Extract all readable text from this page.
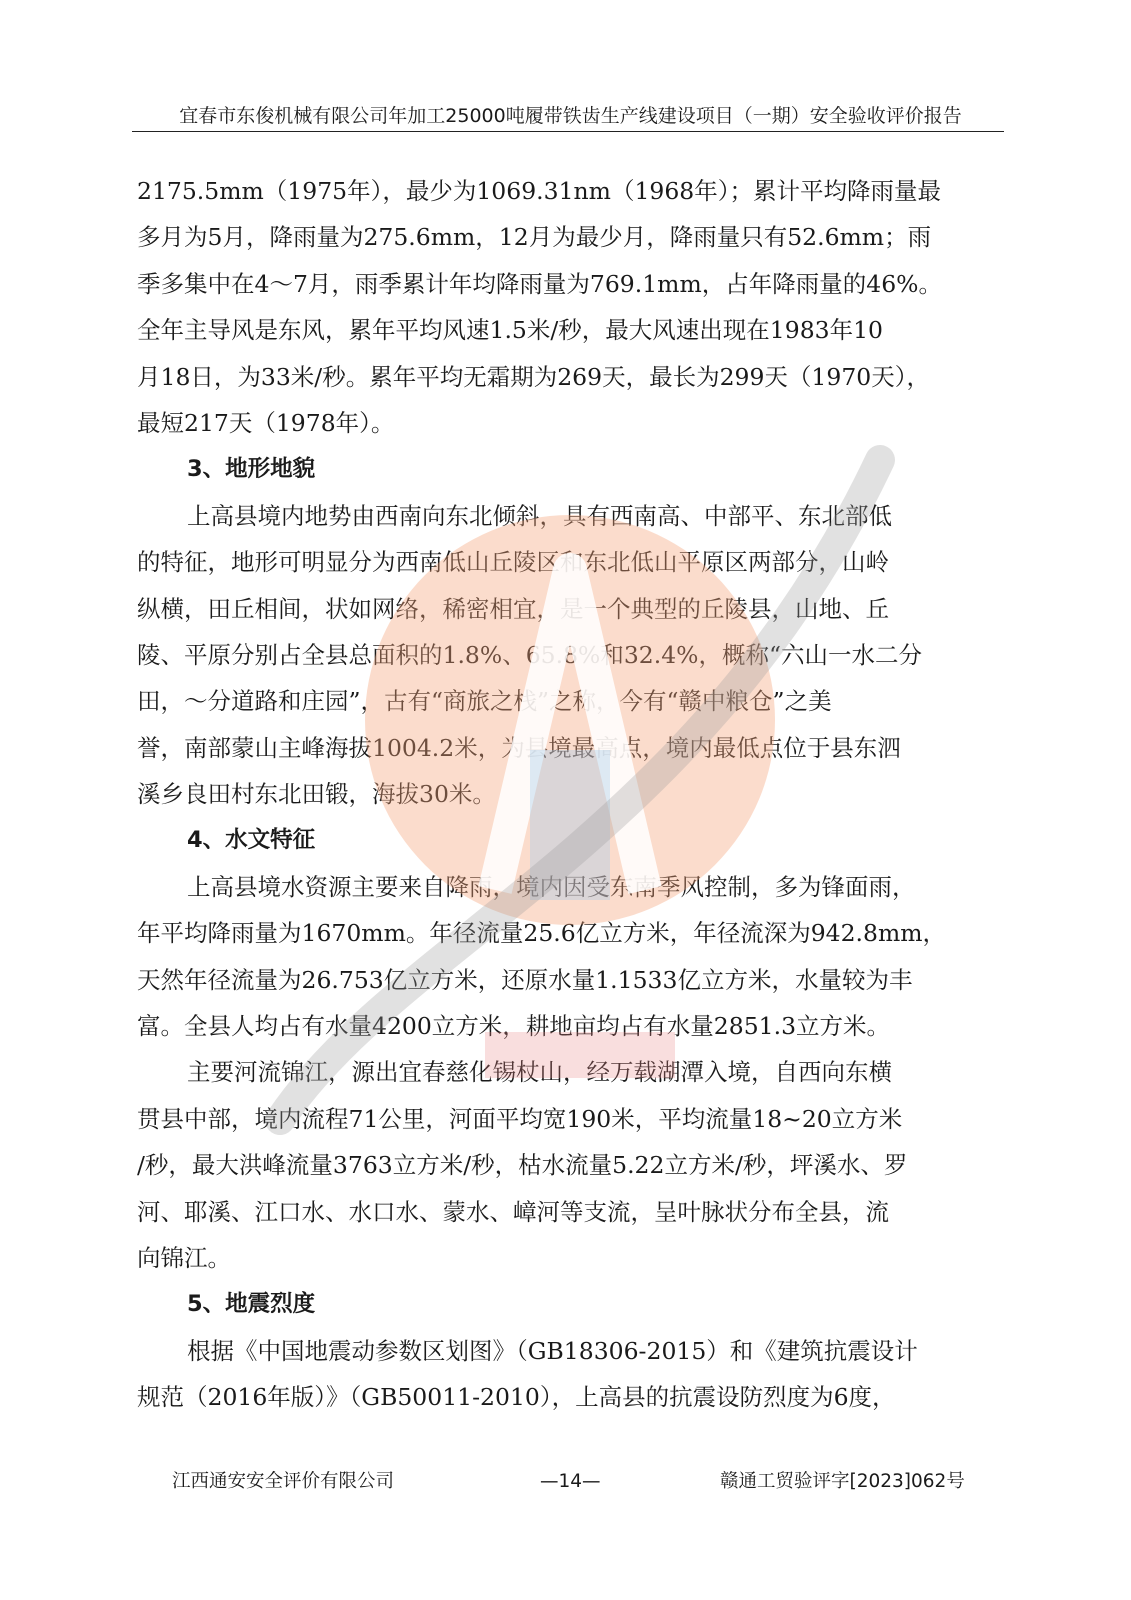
宜春市东俊机械有限公司年加工25000吨履带铁齿生产线建设项目（一期）安全验收评价报告
2175.5mm（1975年），最少为1069.31nm（1968年）；累计平均降雨量最
多月为5月，降雨量为275.6mm，12月为最少月，降雨量只有52.6mm；雨
季多集中在4～7月，雨季累计年均降雨量为769.1mm，占年降雨量的46%。
全年主导风是东风，累年平均风速1.5米/秒，最大风速出现在1983年10
月18日，为33米/秒。累年平均无霜期为269天，最长为299天（1970天），
最短217天（1978年）。
3、地形地貌
上高县境内地势由西南向东北倾斜，具有西南高、中部平、东北部低
的特征，地形可明显分为西南低山丘陵区和东北低山平原区两部分，山岭
纵横，田丘相间，状如网络，稀密相宜，是一个典型的丘陵县，山地、丘
陵、平原分别占全县总面积的1.8%、65.8%和32.4%，概称“六山一水二分
田，～分道路和庄园”，古有“商旅之栈”之称，今有“赣中粮仓”之美
誉，南部蒙山主峰海拔1004.2米，为县境最高点，境内最低点位于县东泗
溪乡良田村东北田锻，海拔30米。
4、水文特征
上高县境水资源主要来自降雨，境内因受东南季风控制，多为锋面雨，
年平均降雨量为1670mm。年径流量25.6亿立方米，年径流深为942.8mm，
天然年径流量为26.753亿立方米，还原水量1.1533亿立方米，水量较为丰
富。全县人均占有水量4200立方米，耕地亩均占有水量2851.3立方米。
主要河流锦江，源出宜春慈化锡杖山，经万载湖潭入境，自西向东横
贯县中部，境内流程71公里，河面平均宽190米，平均流量18~20立方米
/秒，最大洪峰流量3763立方米/秒，枯水流量5.22立方米/秒，坪溪水、罗
河、耶溪、江口水、水口水、蒙水、嶂河等支流，呈叶脉状分布全县，流
向锦江。
5、地震烈度
根据《中国地震动参数区划图》（GB18306-2015）和《建筑抗震设计
规范（2016年版）》（GB50011-2010），上高县的抗震设防烈度为6度，
江西通安安全评价有限公司	—14—	赣通工贸验评字[2023]062号
